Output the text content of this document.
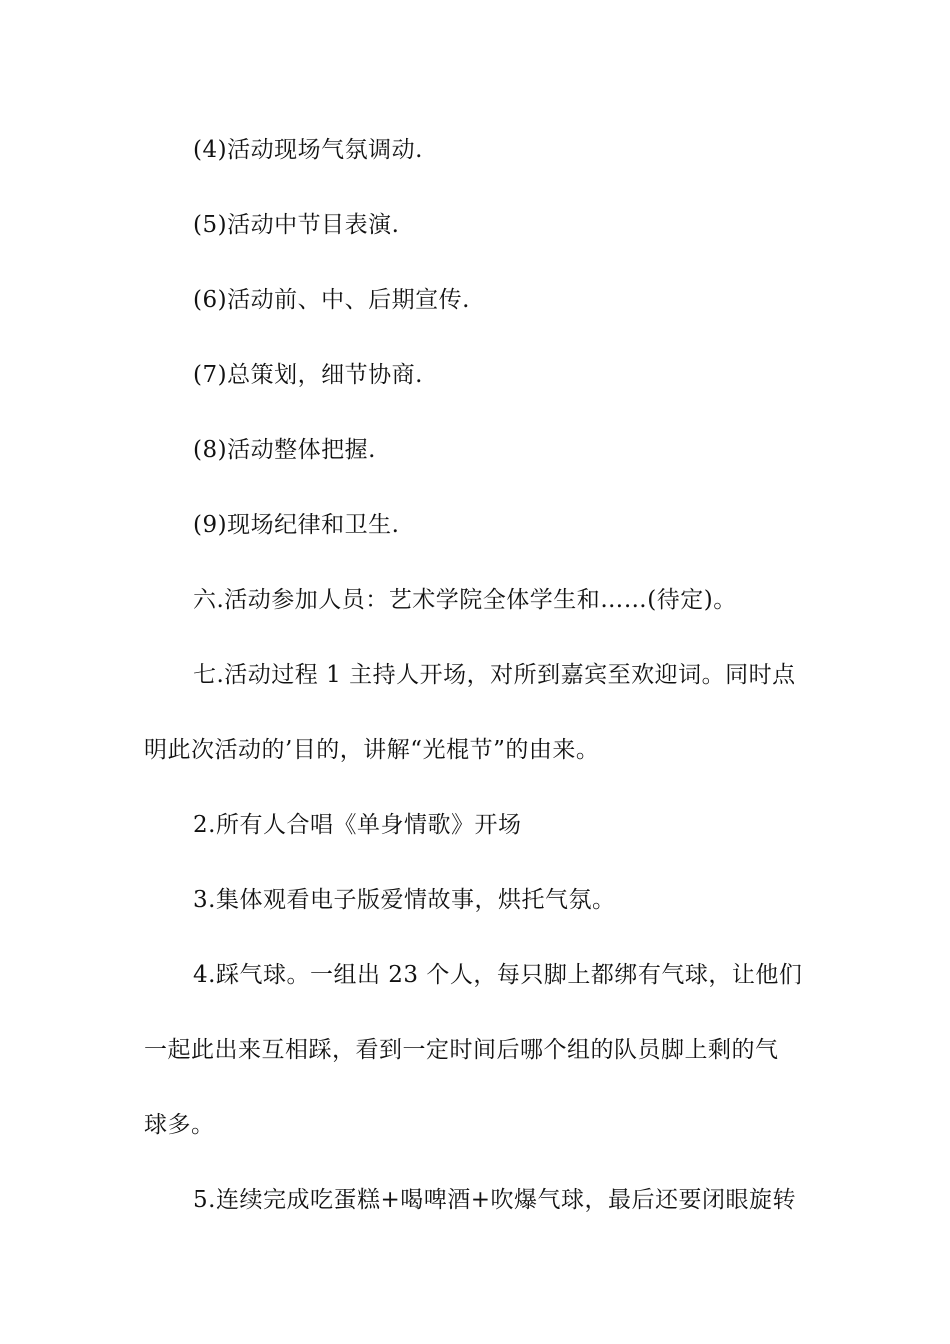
(4)活动现场气氛调动.
(5)活动中节目表演.
(6)活动前、中、后期宣传.
(7)总策划，细节协商.
(8)活动整体把握.
(9)现场纪律和卫生.
六.活动参加人员：艺术学院全体学生和……(待定)。
七.活动过程 1 主持人开场，对所到嘉宾至欢迎词。同时点
明此次活动的’目的，讲解“光棍节”的由来。
2.所有人合唱《单身情歌》开场
3.集体观看电子版爱情故事，烘托气氛。
4.踩气球。一组出 23 个人，每只脚上都绑有气球，让他们
一起此出来互相踩，看到一定时间后哪个组的队员脚上剩的气
球多。
5.连续完成吃蛋糕+喝啤酒+吹爆气球，最后还要闭眼旋转
